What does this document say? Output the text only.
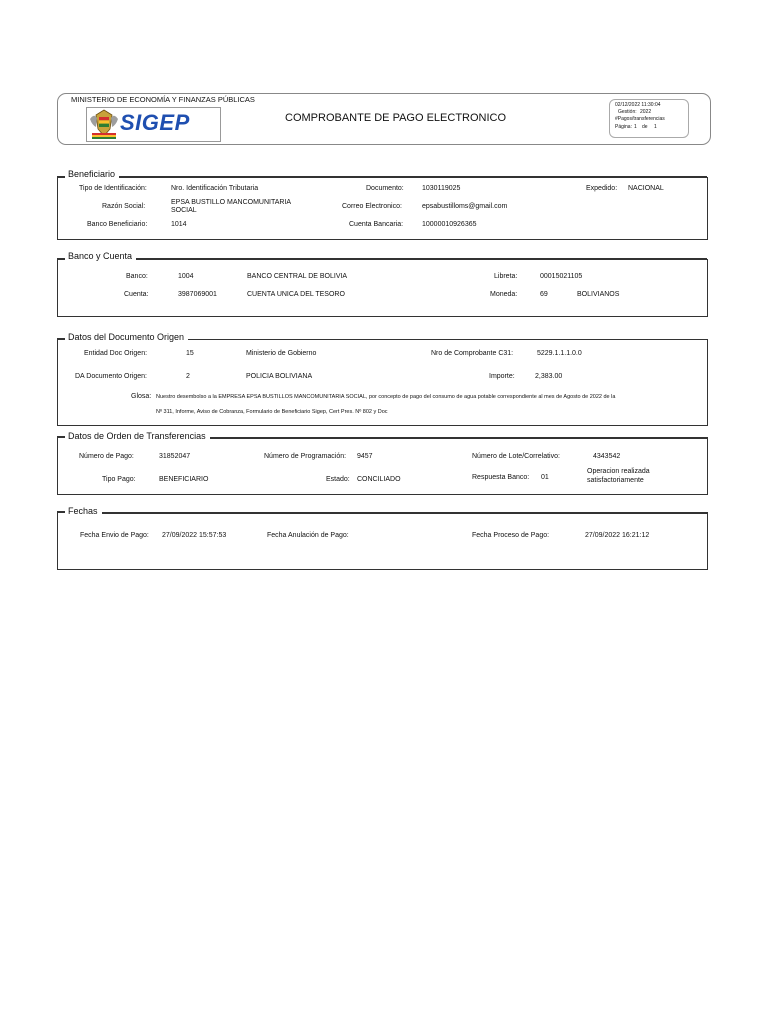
MINISTERIO DE ECONOMÍA Y FINANZAS PÚBLICAS
SIGEP	COMPROBANTE DE PAGO ELECTRONICO
02/12/2022 11:30:04
Gestión: 2022
#Pagos/transferencias
Página: 1 de 1
Beneficiario
Tipo de Identificación:	Nro. Identificación Tributaria	Documento:	1030119025	Expedido: NACIONAL
Razón Social:
EPSA BUSTILLO MANCOMUNITARIA
SOCIAL
Correo Electronico:	epsabustilloms@gmail.com
Banco Beneficiario:	1014	Cuenta Bancaria:	10000010926365
Banco y Cuenta
Banco:	1004	BANCO CENTRAL DE BOLIVIA	Libreta:	00015021105
Cuenta:	3987069001	CUENTA UNICA DEL TESORO	Moneda:	69	BOLIVIANOS
Datos del Documento Origen
Entidad Doc Origen:	15	Ministerio de Gobierno	Nro de Comprobante C31:	5229.1.1.1.0.0
DA Documento Origen:	2	POLICIA BOLIVIANA	Importe:	2,383.00
Glosa: Nuestro desembolso a la EMPRESA EPSA BUSTILLOS MANCOMUNITARIA SOCIAL, por concepto de pago del consumo de agua potable correspondiente al mes de Agosto de 2022 de la
Nº 311, Informe, Aviso de Cobranza, Formulario de Beneficiario Sigep, Cert Pres. Nº 802 y Doc
Datos de Orden de Transferencias
Número de Pago:	31852047	Número de Programación: 9457	Número de Lote/Correlativo:	4343542
Tipo Pago:	BENEFICIARIO	Estado: CONCILIADO	Respuesta Banco: 01
Operacion realizada
satisfactoriamente
Fechas
Fecha Envio de Pago: 27/09/2022 15:57:53	Fecha Anulación de Pago:	Fecha Proceso de Pago:	27/09/2022 16:21:12
